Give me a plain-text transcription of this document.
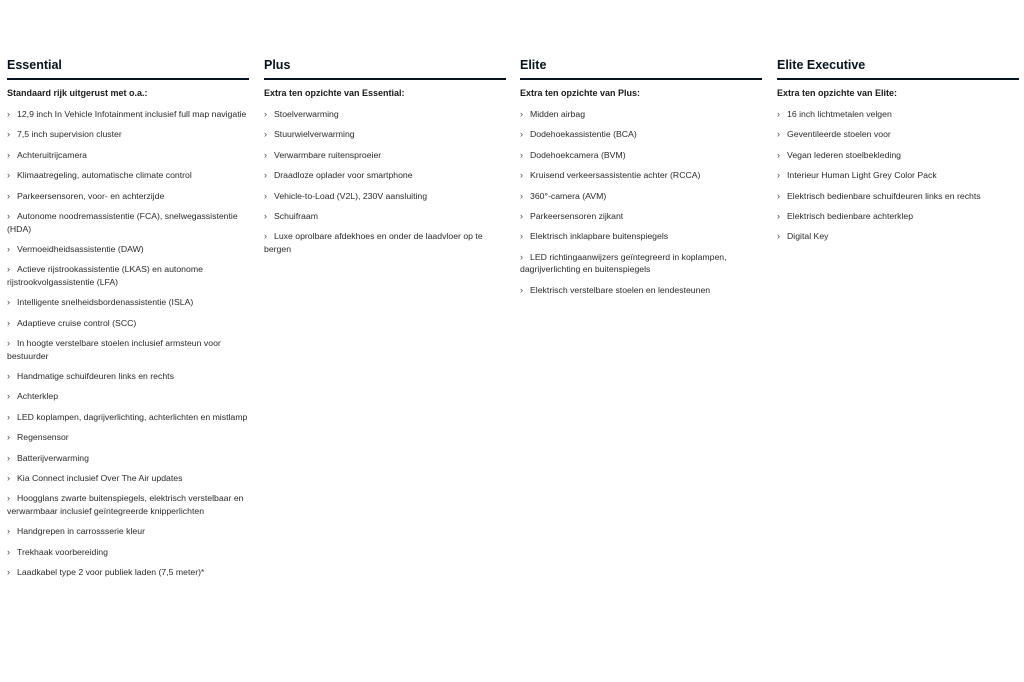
Essential
Standaard rijk uitgerust met o.a.:
› 12,9 inch In Vehicle Infotainment inclusief full map navigatie
› 7,5 inch supervision cluster
› Achteruitrijcamera
› Klimaatregeling, automatische climate control
› Parkeersensoren, voor- en achterzijde
› Autonome noodremassistentie (FCA), snelwegassistentie (HDA)
› Vermoeidheidsassistentie (DAW)
› Actieve rijstrookassistentie (LKAS) en autonome rijstrookvolgassistentie (LFA)
› Intelligente snelheidsbordenassistentie (ISLA)
› Adaptieve cruise control (SCC)
› In hoogte verstelbare stoelen inclusief armsteun voor bestuurder
› Handmatige schuifdeuren links en rechts
› Achterklep
› LED koplampen, dagrijverlichting, achterlichten en mistlamp
› Regensensor
› Batterijverwarming
› Kia Connect inclusief Over The Air updates
› Hoogglans zwarte buitenspiegels, elektrisch verstelbaar en verwarmbaar inclusief geïntegreerde knipperlichten
› Handgrepen in carrossserie kleur
› Trekhaak voorbereiding
› Laadkabel type 2 voor publiek laden (7,5 meter)*
Plus
Extra ten opzichte van Essential:
› Stoelverwarming
› Stuurwielverwarming
› Verwarmbare ruitensproeier
› Draadloze oplader voor smartphone
› Vehicle-to-Load (V2L), 230V aansluiting
› Schuifraam
› Luxe oprolbare afdekhoes en onder de laadvloer op te bergen
Elite
Extra ten opzichte van Plus:
› Midden airbag
› Dodehoekassistentie (BCA)
› Dodehoekcamera (BVM)
› Kruisend verkeersassistentie achter (RCCA)
› 360°-camera (AVM)
› Parkeersensoren zijkant
› Elektrisch inklapbare buitenspiegels
› LED richtingaanwijzers geïntegreerd in koplampen, dagrijverlichting en buitenspiegels
› Elektrisch verstelbare stoelen en lendesteunen
Elite Executive
Extra ten opzichte van Elite:
› 16 inch lichtmetalen velgen
› Geventileerde stoelen voor
› Vegan lederen stoelbekleding
› Interieur Human Light Grey Color Pack
› Elektrisch bedienbare schuifdeuren links en rechts
› Elektrisch bedienbare achterklep
› Digital Key
